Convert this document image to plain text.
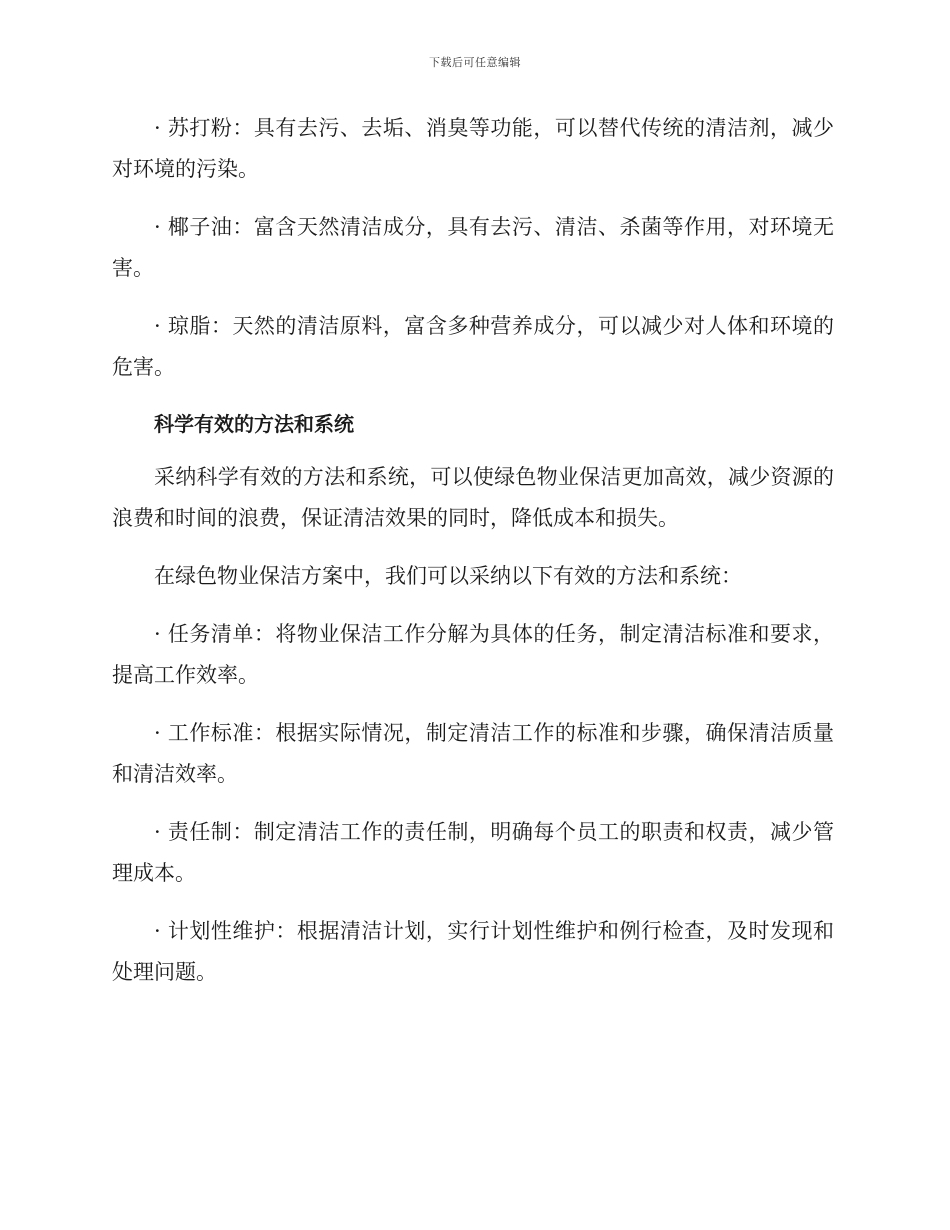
下载后可任意编辑

· 苏打粉：具有去污、去垢、消臭等功能，可以替代传统的清洁剂，减少对环境的污染。

· 椰子油：富含天然清洁成分，具有去污、清洁、杀菌等作用，对环境无害。

· 琼脂：天然的清洁原料，富含多种营养成分，可以减少对人体和环境的危害。

科学有效的方法和系统

采纳科学有效的方法和系统，可以使绿色物业保洁更加高效，减少资源的浪费和时间的浪费，保证清洁效果的同时，降低成本和损失。

在绿色物业保洁方案中，我们可以采纳以下有效的方法和系统：

· 任务清单：将物业保洁工作分解为具体的任务，制定清洁标准和要求，提高工作效率。

· 工作标准：根据实际情况，制定清洁工作的标准和步骤，确保清洁质量和清洁效率。

· 责任制：制定清洁工作的责任制，明确每个员工的职责和权责，减少管理成本。

· 计划性维护：根据清洁计划，实行计划性维护和例行检查，及时发现和处理问题。
